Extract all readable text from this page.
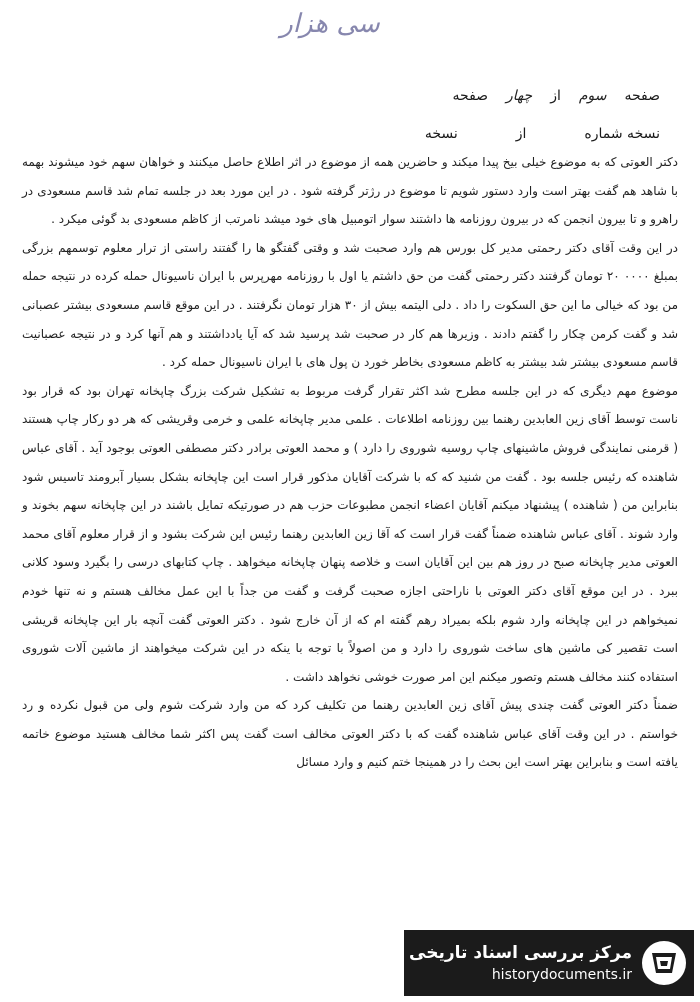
سی هزار
صفحه
سوم
از
چهار
صفحه
نسخه شماره
از
نسخه

دکتر العوتی که به موضوع خیلی بیخ پیدا میکند و حاضرین همه از موضوع در اثر اطلاع حاصل میکنند و خواهان سهم خود میشوند بهمه با شاهد هم گفت بهتر است وارد دستور شویم تا موضوع در رژتر گرفته شود . در این مورد بعد در جلسه تمام شد قاسم مسعودی در راهرو و تا بیرون انجمن که در بیرون روزنامه ها داشتند سوار اتومبیل های خود میشد نامرتب از کاظم مسعودی بد گوئی میکرد .

در این وقت آقای دکتر رحمتی مدیر کل بورس هم وارد صحبت شد و وقتی گفتگو ها را گفتند راستی از ترار معلوم توسمهم بزرگی بمبلغ ۰۰۰۰ ۲۰ تومان گرفتند دکتر رحمتی گفت من حق داشتم یا اول با روزنامه مهرپرس با ایران ناسیونال حمله کرده در نتیجه حمله من بود که خیالی ما این حق السکوت را داد . دلی الیتمه بیش از ۳۰ هزار تومان نگرفتند . در این موقع قاسم مسعودی بیشتر عصبانی شد و گفت کرمن چکار را گفتم دادند . وزیرها هم کار در صحبت شد پرسید شد که آیا یادداشتند و هم آنها کرد و در نتیجه عصبانیت قاسم مسعودی بیشتر شد بیشتر به کاظم مسعودی بخاطر خورد ن پول های با ایران ناسیونال حمله کرد .

موضوع مهم دیگری که در این جلسه مطرح شد اکثر تقرار گرفت مربوط به تشکیل شرکت بزرگ چاپخانه تهران بود که قرار بود ناست توسط آقای زین العابدین رهنما بین روزنامه اطلاعات . علمی مدیر چاپخانه علمی و خرمی وقریشی که هر دو رکار چاپ هستند ( قرمنی نمایندگی فروش ماشینهای چاپ روسیه شوروی را دارد ) و محمد العوتی برادر دکتر مصطفی العوتی بوجود آید . آقای عباس شاهنده که رئیس جلسه بود . گفت من شنید که که با شرکت آقایان مذکور قرار است این چاپخانه بشکل بسیار آبرومند تاسیس شود بنابراین من ( شاهنده ) پیشنهاد میکنم آقایان اعضاء انجمن مطبوعات حزب هم در صورتیکه تمایل باشند در این چاپخانه سهم بخوند و وارد شوند . آقای عباس شاهنده ضمناً گفت قرار است که آقا زین العابدین رهنما رئیس این شرکت بشود و از قرار معلوم آقای محمد العوتی مدیر چاپخانه صبح در روز هم بین این آقایان است و خلاصه پنهان چاپخانه میخواهد . چاپ کتابهای درسی را بگیرد وسود کلانی ببرد . در این موقع آقای دکتر العوتی با ناراحتی اجازه صحبت گرفت و گفت من جداً با این عمل مخالف هستم و نه تنها خودم نمیخواهم در این چاپخانه وارد شوم بلکه بمیراد رهم گفته ام که از آن خارج شود . دکتر العوتی گفت آنچه بار این چاپخانه قریشی است تقصیر کی ماشین های ساخت شوروی را دارد و من اصولاً با توجه با ینکه در این شرکت میخواهند از ماشین آلات شوروی استفاده کنند مخالف هستم وتصور میکنم این امر صورت خوشی نخواهد داشت .

ضمناً دکتر العوتی گفت چندی پیش آقای زین العابدین رهنما من تکلیف کرد که من وارد شرکت شوم ولی من قبول نکرده و رد خواستم . در این وقت آقای عباس شاهنده گفت که با دکتر العوتی مخالف است گفت پس اکثر شما مخالف هستید موضوع خاتمه یافته است و بنابراین بهتر است این بحث را در همینجا ختم کنیم و وارد مسائل

مرکز بررسی اسناد تاریخی
historydocuments.ir
